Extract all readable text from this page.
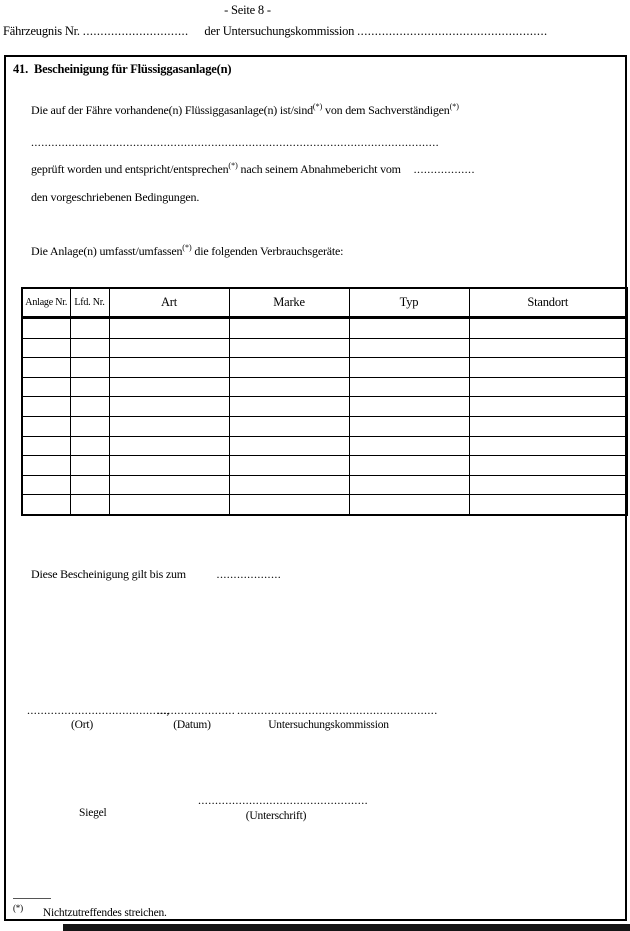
- Seite 8 -
Fährzeugnis Nr. .............................. der Untersuchungskommission ......................................................
41. Bescheinigung für Flüssiggasanlage(n)
Die auf der Fähre vorhandene(n) Flüssiggasanlage(n) ist/sind(*) von dem Sachverständigen(*)
........................................................................................................................
geprüft worden und entspricht/entsprechen(*) nach seinem Abnahmebericht vom ..................
den vorgeschriebenen Bedingungen.
Die Anlage(n) umfasst/umfassen(*) die folgenden Verbrauchsgeräte:
Anlage Nr.	Lfd. Nr.	Art	Marke	Typ	Standort

Diese Bescheinigung gilt bis zum	...................
.........................................,
....................... ...........................................................
(Ort)	(Datum)	Untersuchungskommission
Siegel
..................................................
(Unterschrift)
(*) Nichtzutreffendes streichen.
